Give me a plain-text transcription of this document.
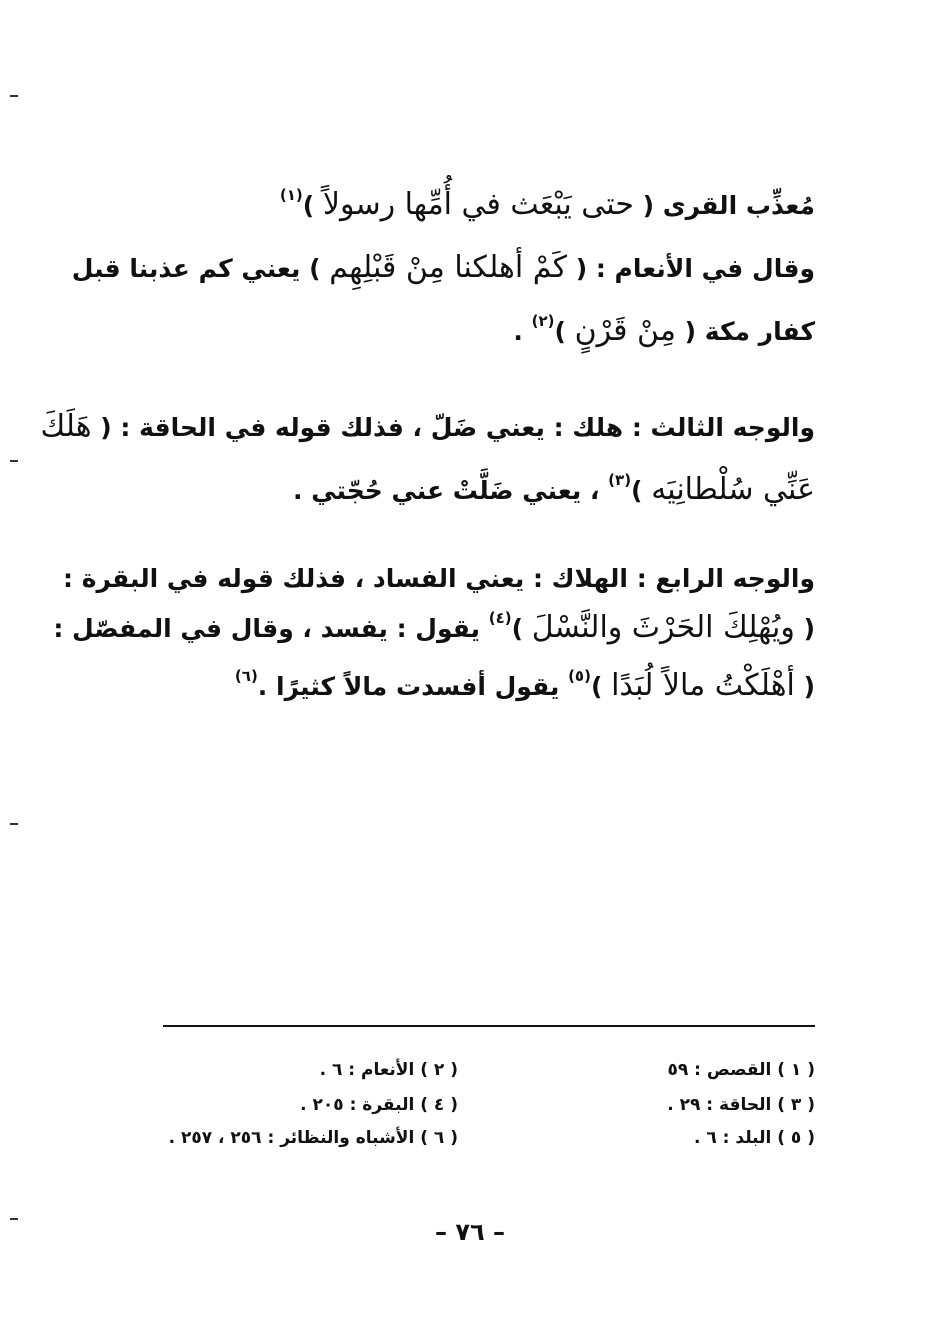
مُعذِّب القرى ( حتى يَبْعَث في أُمِّها رسولاً )$^{(١)}$
وقال في الأنعام : ( كَمْ أهلكنا مِنْ قَبْلِهِم ) يعني كم عذبنا قبل
كفار مكة ( مِنْ قَرْنٍ )$^{(٢)}$ .
والوجه الثالث : هلك : يعني ضَلّ ، فذلك قوله في الحاقة : ( هَلَكَ
عَنِّي سُلْطانِيَه )$^{(٣)}$ ، يعني ضَلَّتْ عني حُجّتي .
والوجه الرابع : الهلاك : يعني الفساد ، فذلك قوله في البقرة :
( ويُهْلِكَ الحَرْثَ والنَّسْلَ )$^{(٤)}$ يقول : يفسد ، وقال في المفصّل :
( أهْلَكْتُ مالاً لُبَدًا )$^{(٥)}$ يقول أفسدت مالاً كثيرًا .$^{(٦)}$
( ١ ) القصص : ٥٩
( ٢ ) الأنعام : ٦ .
( ٣ ) الحاقة : ٢٩ .
( ٤ ) البقرة : ٢٠٥ .
( ٥ ) البلد : ٦ .
( ٦ ) الأشباه والنظائر : ٢٥٦ ، ٢٥٧ .
– ٧٦ –
